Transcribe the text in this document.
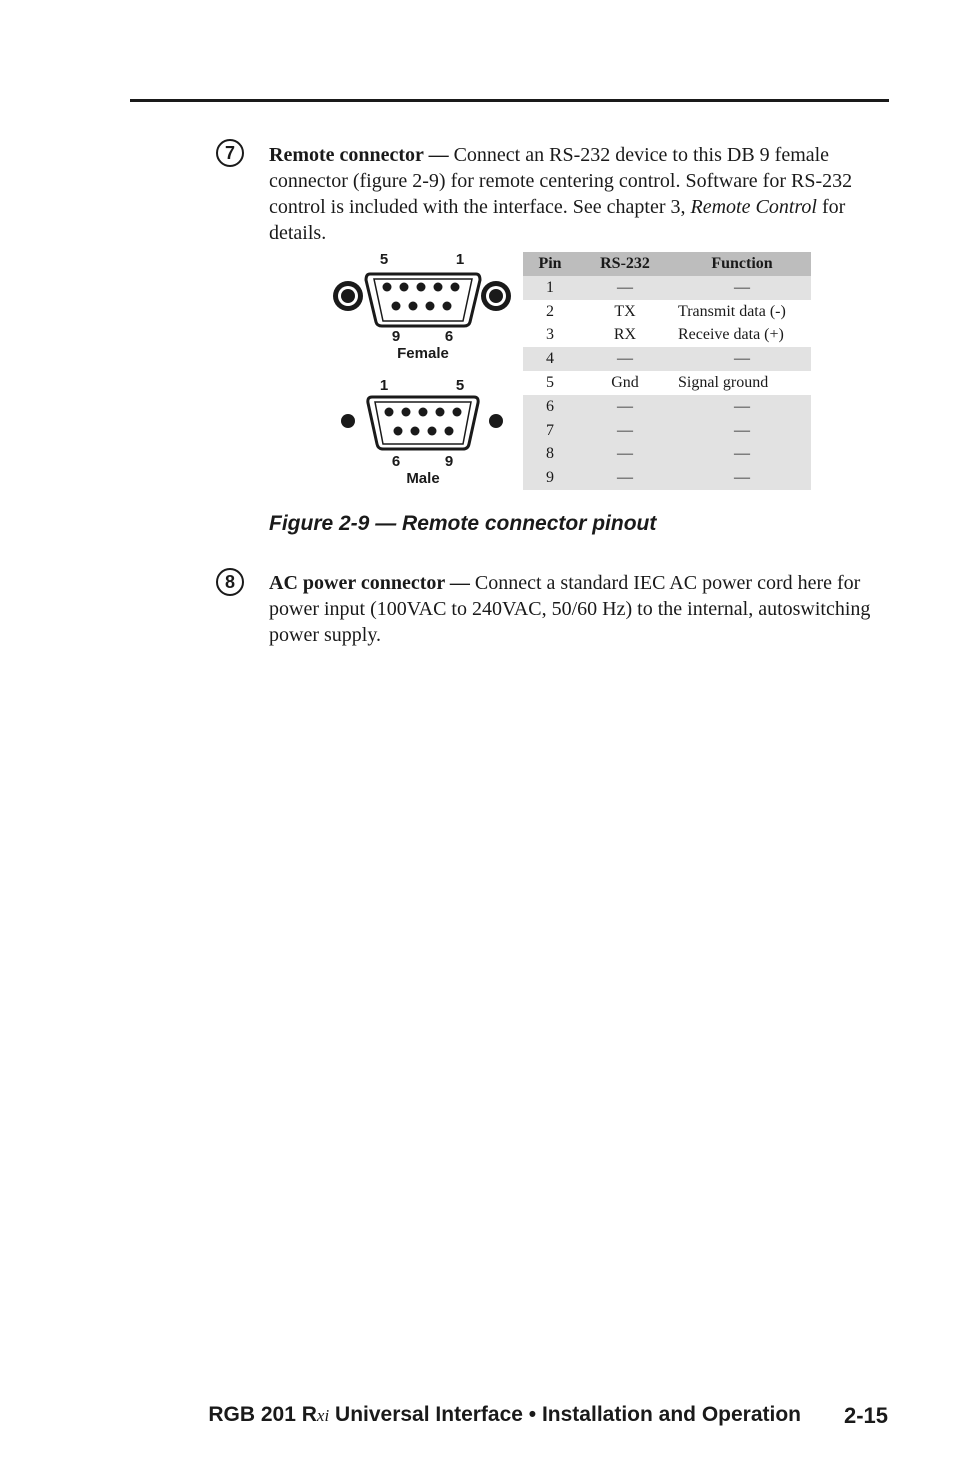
7	Remote connector — Connect an RS-232 device to this DB 9 female connector (figure 2-9) for remote centering control. Software for RS-232 control is included with the interface. See chapter 3, Remote Control for details.

5	1
9	6
Female
1	5
6	9
Male
Pin	RS-232	Function
1	—	—
2	TX	Transmit data (-)
3	RX	Receive data (+)
4	—	—
5	Gnd	Signal ground
6	—	—
7	—	—
8	—	—
9	—	—

Figure 2-9 — Remote connector pinout

8	AC power connector — Connect a standard IEC AC power cord here for power input (100VAC to 240VAC, 50/60 Hz) to the internal, autoswitching power supply.

RGB 201 Rxi Universal Interface • Installation and Operation 2-15
